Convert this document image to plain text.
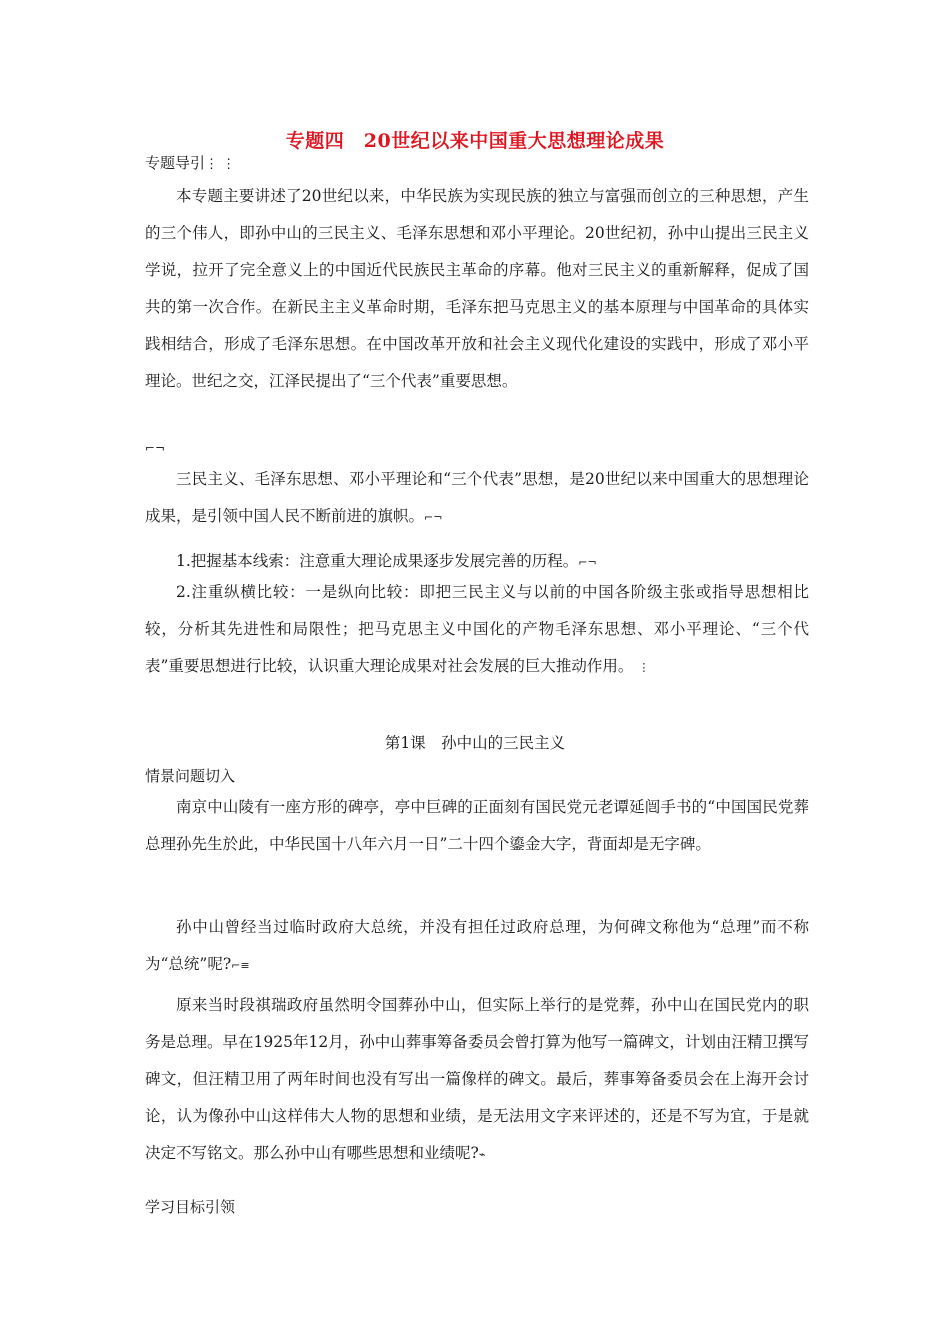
专题四　20世纪以来中国重大思想理论成果
专题导引⋮ ⋮

本专题主要讲述了20世纪以来，中华民族为实现民族的独立与富强而创立的三种思想，产生的三个伟人，即孙中山的三民主义、毛泽东思想和邓小平理论。20世纪初，孙中山提出三民主义学说，拉开了完全意义上的中国近代民族民主革命的序幕。他对三民主义的重新解释，促成了国共的第一次合作。在新民主主义革命时期，毛泽东把马克思主义的基本原理与中国革命的具体实践相结合，形成了毛泽东思想。在中国改革开放和社会主义现代化建设的实践中，形成了邓小平理论。世纪之交，江泽民提出了“三个代表”重要思想。

⌐¬

三民主义、毛泽东思想、邓小平理论和“三个代表”思想，是20世纪以来中国重大的思想理论成果，是引领中国人民不断前进的旗帜。⌐¬

1.把握基本线索：注意重大理论成果逐步发展完善的历程。⌐¬

2.注重纵横比较：一是纵向比较：即把三民主义与以前的中国各阶级主张或指导思想相比较，分析其先进性和局限性；把马克思主义中国化的产物毛泽东思想、邓小平理论、“三个代表”重要思想进行比较，认识重大理论成果对社会发展的巨大推动作用。 ⋮

第1课　孙中山的三民主义
情景问题切入

南京中山陵有一座方形的碑亭，亭中巨碑的正面刻有国民党元老谭延闿手书的“中国国民党葬总理孙先生於此，中华民国十八年六月一日”二十四个鎏金大字，背面却是无字碑。

孙中山曾经当过临时政府大总统，并没有担任过政府总理，为何碑文称他为“总理”而不称为“总统”呢?⌐≡

原来当时段祺瑞政府虽然明令国葬孙中山，但实际上举行的是党葬，孙中山在国民党内的职务是总理。早在1925年12月，孙中山葬事筹备委员会曾打算为他写一篇碑文，计划由汪精卫撰写碑文，但汪精卫用了两年时间也没有写出一篇像样的碑文。最后，葬事筹备委员会在上海开会讨论，认为像孙中山这样伟大人物的思想和业绩，是无法用文字来评述的，还是不写为宜，于是就决定不写铭文。那么孙中山有哪些思想和业绩呢?⌁

学习目标引领
